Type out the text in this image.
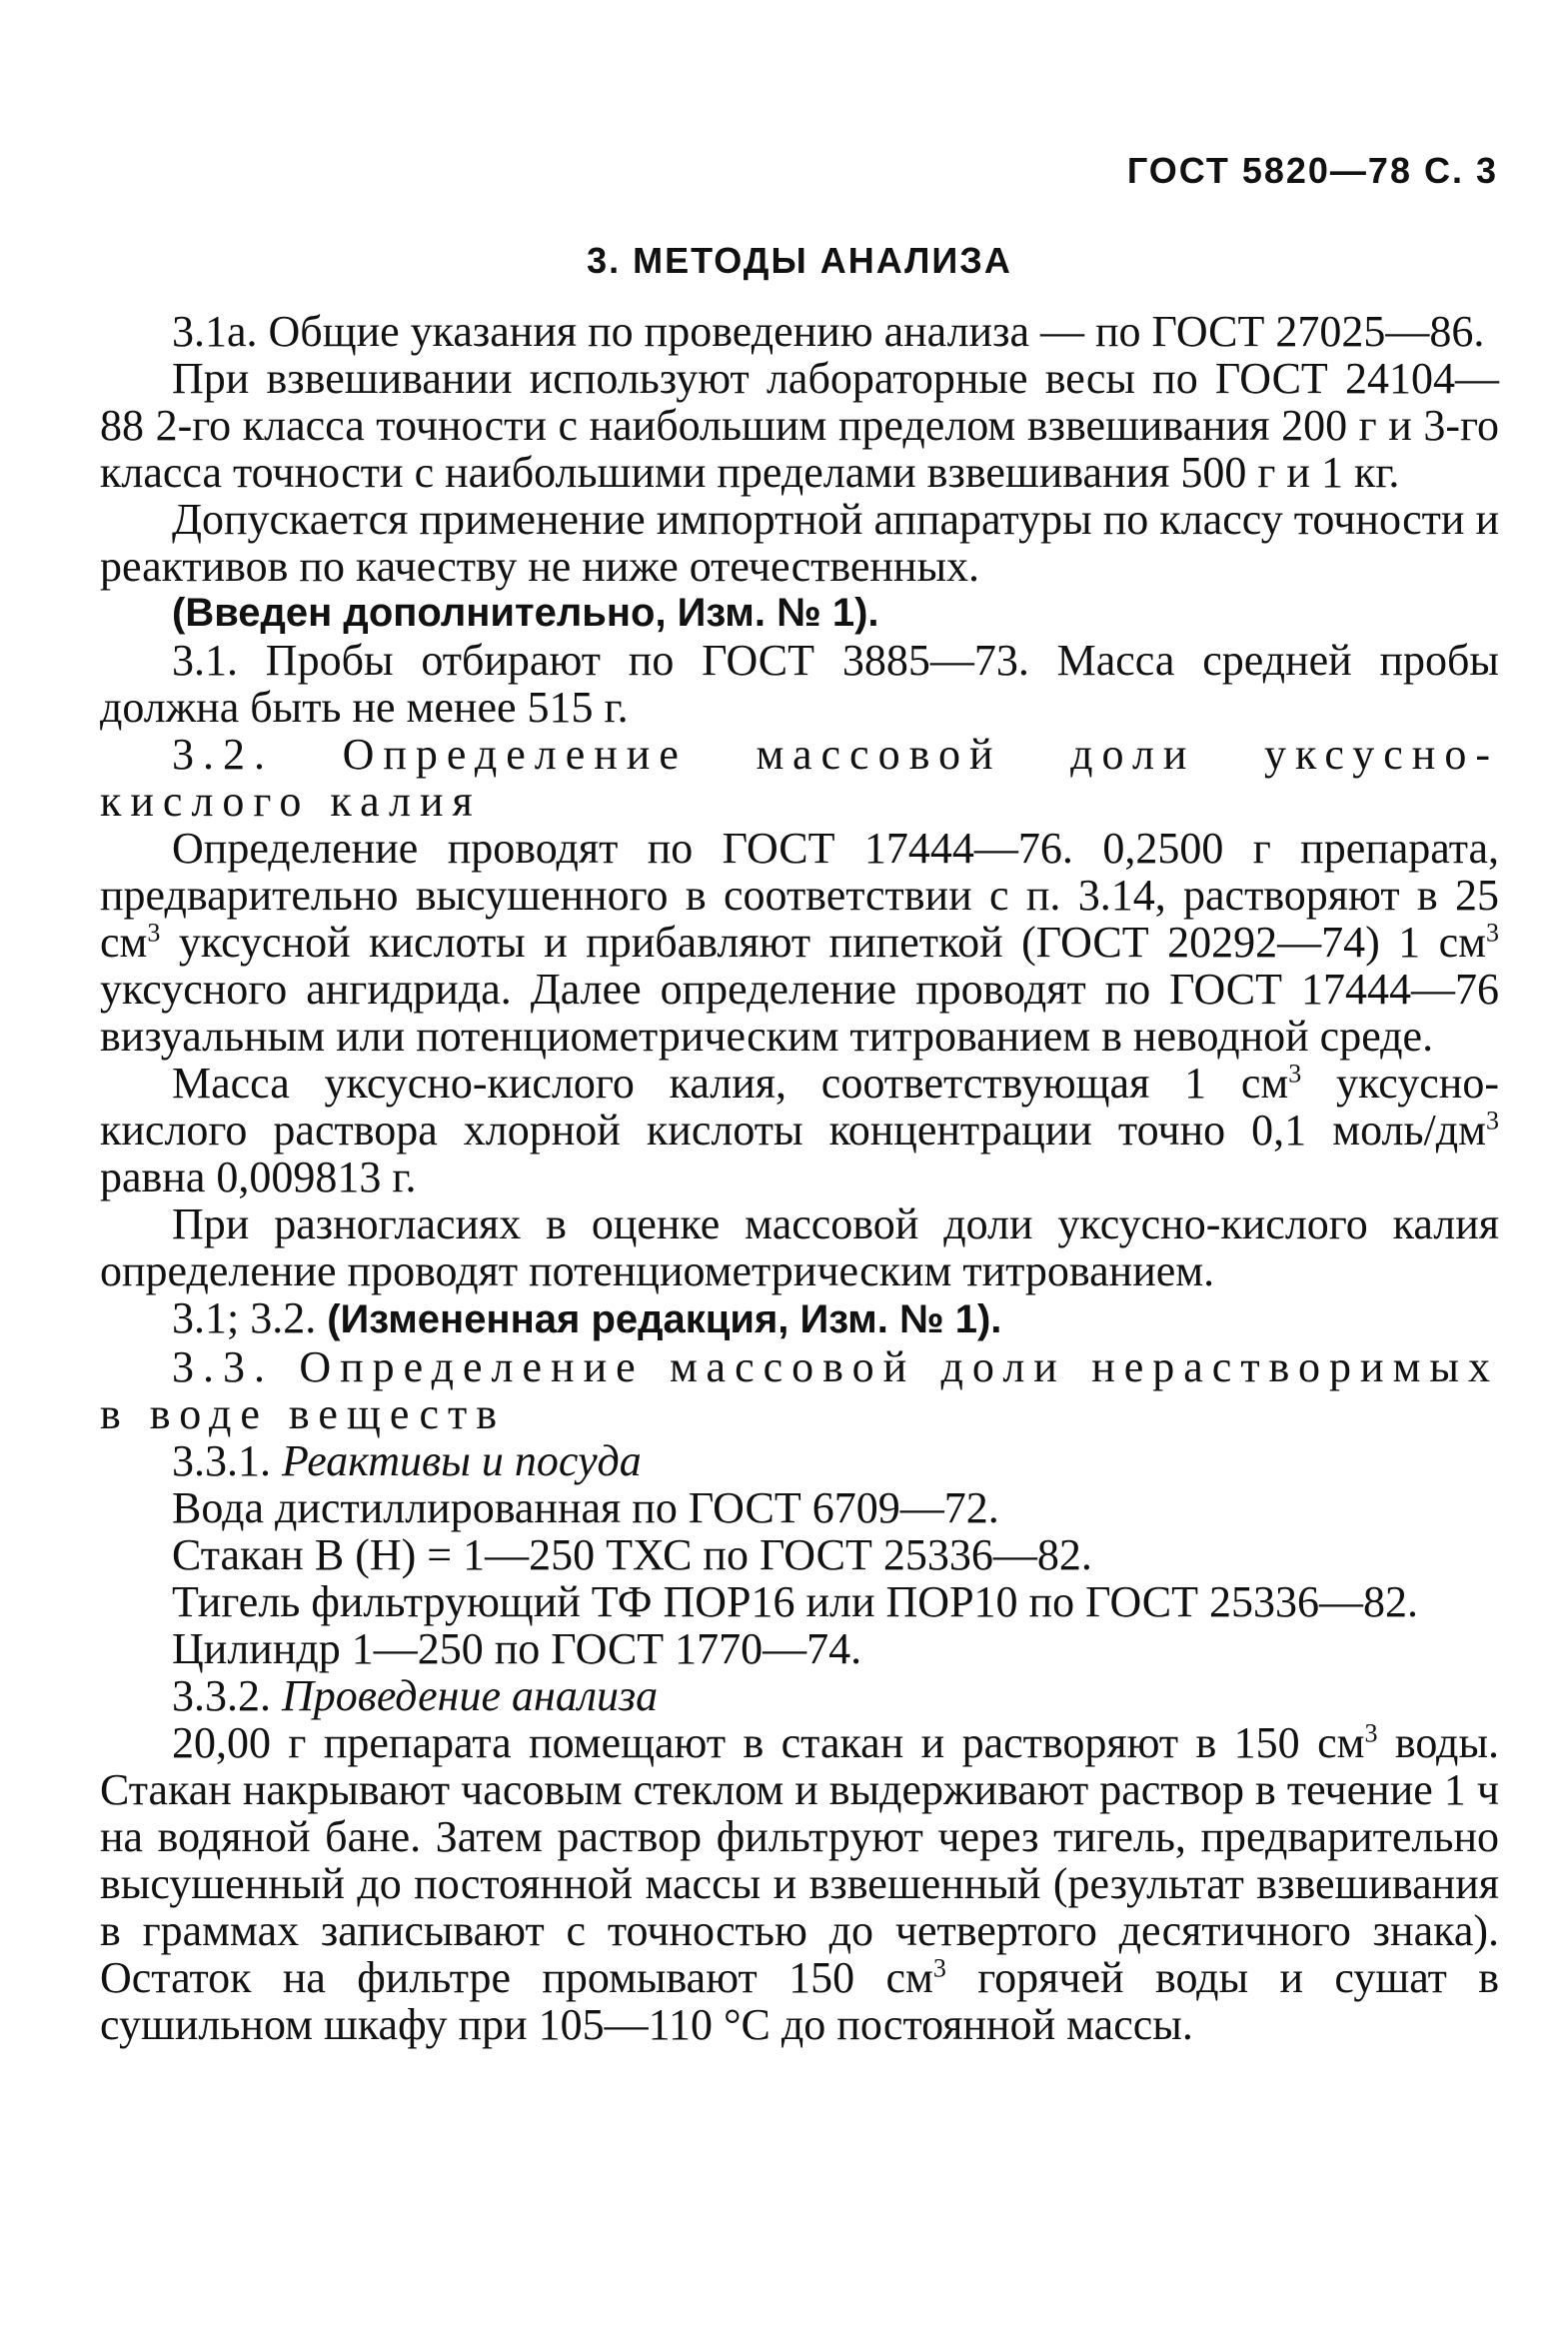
ГОСТ 5820—78 С. 3
3. МЕТОДЫ АНАЛИЗА

3.1а. Общие указания по проведению анализа — по ГОСТ 27025—86.

При взвешивании используют лабораторные весы по ГОСТ 24104—88 2-го класса точности с наибольшим пределом взвешивания 200 г и 3-го класса точности с наибольшими пределами взвешивания 500 г и 1 кг.

Допускается применение импортной аппаратуры по классу точности и реактивов по качеству не ниже отечественных.

(Введен дополнительно, Изм. № 1).

3.1. Пробы отбирают по ГОСТ 3885—73. Масса средней пробы должна быть не менее 515 г.

3.2. Определение массовой доли уксусно-кислого калия

Определение проводят по ГОСТ 17444—76. 0,2500 г препарата, предварительно высушенного в соответствии с п. 3.14, растворяют в 25 $см^3$ уксусной кислоты и прибавляют пипеткой (ГОСТ 20292—74) 1 $см^3$ уксусного ангидрида. Далее определение проводят по ГОСТ 17444—76 визуальным или потенциометрическим титрованием в неводной среде.

Масса уксусно-кислого калия, соответствующая 1 $см^3$ уксусно-кислого раствора хлорной кислоты концентрации точно 0,1 моль/$дм^3$ равна 0,009813 г.

При разногласиях в оценке массовой доли уксусно-кислого калия определение проводят потенциометрическим титрованием.

3.1; 3.2. (Измененная редакция, Изм. № 1).

3.3. Определение массовой доли нерастворимых в воде веществ

3.3.1. Реактивы и посуда

Вода дистиллированная по ГОСТ 6709—72.

Стакан В (Н) = 1—250 ТХС по ГОСТ 25336—82.

Тигель фильтрующий ТФ ПОР16 или ПОР10 по ГОСТ 25336—82.

Цилиндр 1—250 по ГОСТ 1770—74.

3.3.2. Проведение анализа

20,00 г препарата помещают в стакан и растворяют в 150 $см^3$ воды. Стакан накрывают часовым стеклом и выдерживают раствор в течение 1 ч на водяной бане. Затем раствор фильтруют через тигель, предварительно высушенный до постоянной массы и взвешенный (результат взвешивания в граммах записывают с точностью до четвертого десятичного знака). Остаток на фильтре промывают 150 $см^3$ горячей воды и сушат в сушильном шкафу при 105—110 °С до постоянной массы.
